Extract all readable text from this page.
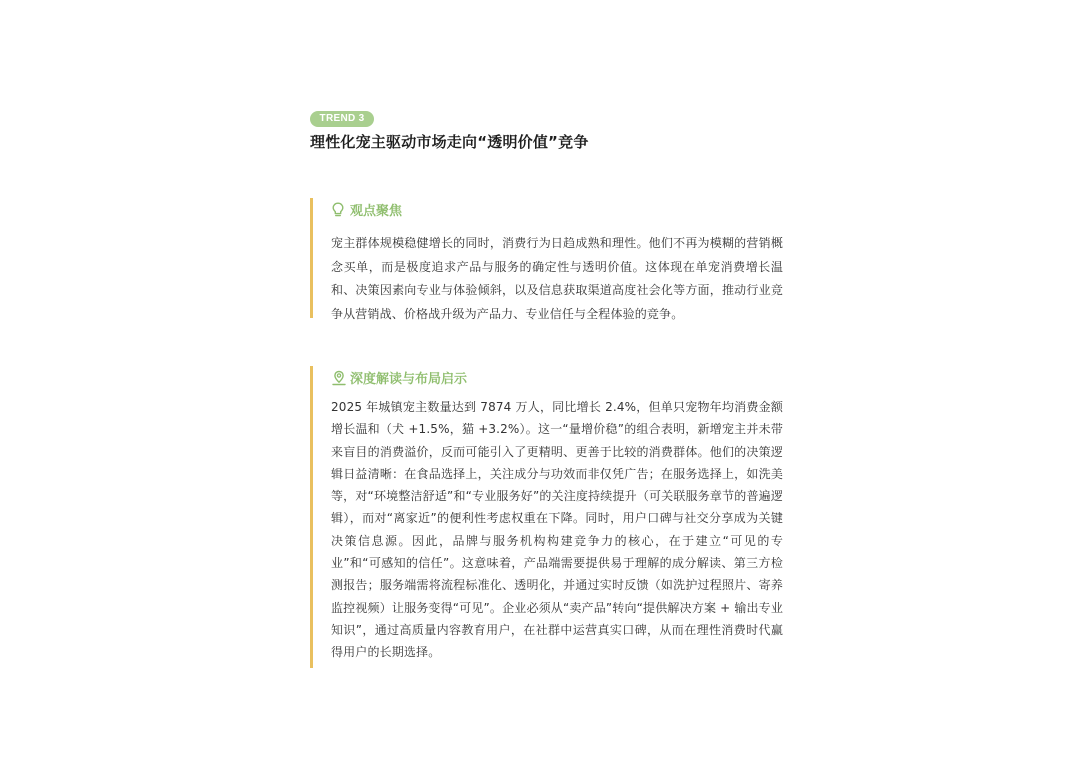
TREND 3
理性化宠主驱动市场走向“透明价值”竞争
观点聚焦

宠主群体规模稳健增长的同时，消费行为日趋成熟和理性。他们不再为模糊的营销概念买单，而是极度追求产品与服务的确定性与透明价值。这体现在单宠消费增长温和、决策因素向专业与体验倾斜，以及信息获取渠道高度社会化等方面，推动行业竞争从营销战、价格战升级为产品力、专业信任与全程体验的竞争。

深度解读与布局启示

2025 年城镇宠主数量达到 7874 万人，同比增长 2.4%，但单只宠物年均消费金额增长温和（犬 +1.5%，猫 +3.2%）。这一“量增价稳”的组合表明，新增宠主并未带来盲目的消费溢价，反而可能引入了更精明、更善于比较的消费群体。他们的决策逻辑日益清晰：在食品选择上，关注成分与功效而非仅凭广告；在服务选择上，如洗美等，对“环境整洁舒适”和“专业服务好”的关注度持续提升（可关联服务章节的普遍逻辑），而对“离家近”的便利性考虑权重在下降。同时，用户口碑与社交分享成为关键决策信息源。因此，品牌与服务机构构建竞争力的核心，在于建立“可见的专业”和“可感知的信任”。这意味着，产品端需要提供易于理解的成分解读、第三方检测报告；服务端需将流程标准化、透明化，并通过实时反馈（如洗护过程照片、寄养监控视频）让服务变得“可见”。企业必须从“卖产品”转向“提供解决方案 + 输出专业知识”，通过高质量内容教育用户，在社群中运营真实口碑，从而在理性消费时代赢得用户的长期选择。
